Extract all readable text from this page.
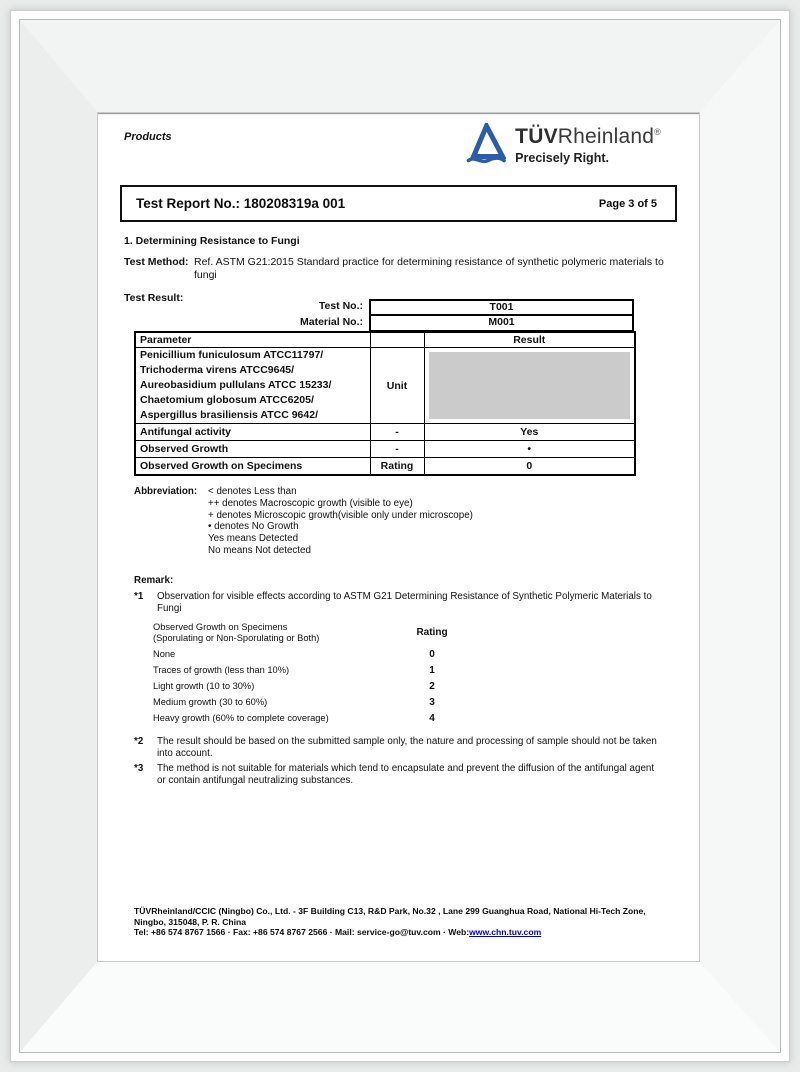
Products	TÜVRheinland®
Precisely Right.
Test Report No.: 180208319a 001	Page 3 of 5
1. Determining Resistance to Fungi
Test Method: Ref. ASTM G21:2015 Standard practice for determining resistance of synthetic polymeric materials to fungi
Test Result:
Test No.:	T001
Material No.:	M001
Parameter		Result

Penicillium funiculosum ATCC11797/
Trichoderma virens ATCC9645/
Aureobasidium pullulans ATCC 15233/
Chaetomium globosum ATCC6205/
Aspergillus brasiliensis ATCC 9642/	Unit	

Antifungal activity	-	Yes
Observed Growth	-	•
Observed Growth on Specimens	Rating	0
Abbreviation:	< denotes Less than
++ denotes Macroscopic growth (visible to eye)
+ denotes Microscopic growth(visible only under microscope)
• denotes No Growth
Yes means Detected
No means Not detected
Remark:
*1	Observation for visible effects according to ASTM G21 Determining Resistance of Synthetic Polymeric Materials to Fungi
Observed Growth on Specimens
(Sporulating or Non-Sporulating or Both)	Rating
None	0
Traces of growth (less than 10%)	1
Light growth (10 to 30%)	2
Medium growth (30 to 60%)	3
Heavy growth (60% to complete coverage)	4
*2	The result should be based on the submitted sample only, the nature and processing of sample should not be taken into account.
*3	The method is not suitable for materials which tend to encapsulate and prevent the diffusion of the antifungal agent or contain antifungal neutralizing substances.
TÜVRheinland/CCIC (Ningbo) Co., Ltd. - 3F Building C13, R&D Park, No.32 , Lane 299 Guanghua Road, National Hi-Tech Zone,
Ningbo, 315048, P. R. China
Tel: +86 574 8767 1566 · Fax: +86 574 8767 2566 · Mail: service-go@tuv.com · Web:www.chn.tuv.com
